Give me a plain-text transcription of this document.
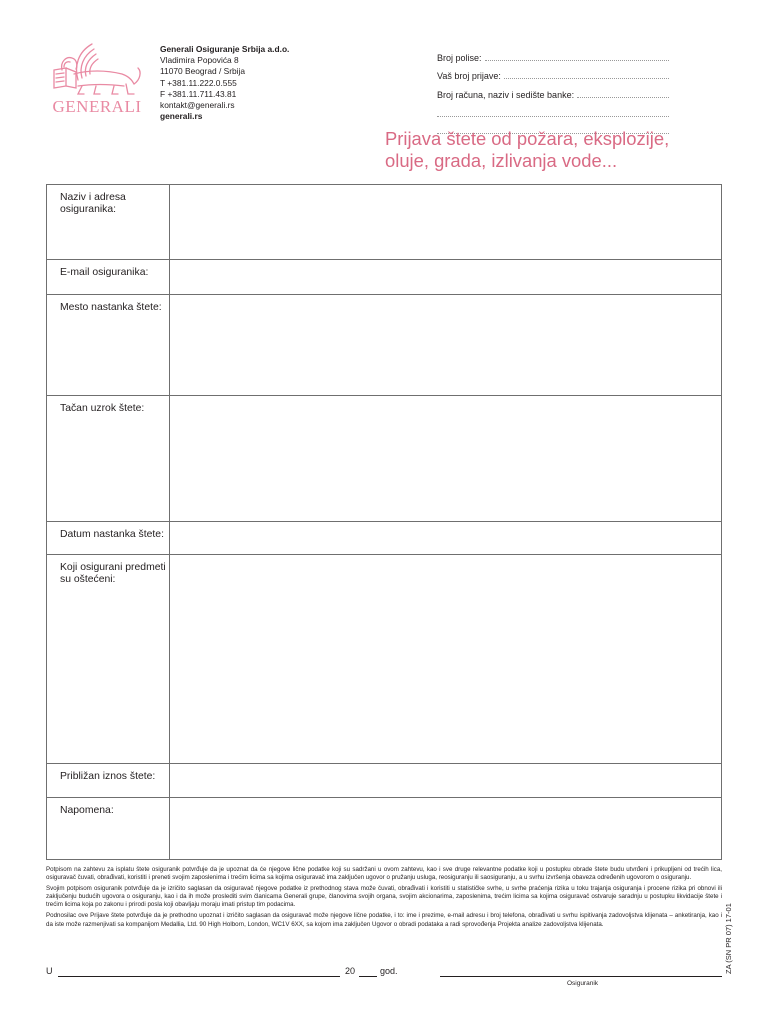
GENERALI
Generali Osiguranje Srbija a.d.o.
Vladimira Popovića 8
11070 Beograd / Srbija
T +381.11.222.0.555
F +381.11.711.43.81
kontakt@generali.rs
generali.rs
Broj polise:
Vaš broj prijave:
Broj računa, naziv i sedište banke:
Prijava štete od požara, eksplozije,
oluje, grada, izlivanja vode...
Naziv i adresa osiguranika:
E-mail osiguranika:
Mesto nastanka štete:
Tačan uzrok štete:
Datum nastanka štete:
Koji osigurani predmeti su oštećeni:
Približan iznos štete:
Napomena:

Potpisom na zahtevu za isplatu štete osiguranik potvrđuje da je upoznat da će njegove lične podatke koji su sadržani u ovom zahtevu, kao i sve druge relevantne podatke koji u postupku obrade štete budu utvrđeni i prikupljeni od trećih lica, osiguravač čuvati, obrađivati, koristiti i preneti svojim zaposlenima i trećim licima sa kojima osiguravač ima zaključen ugovor o pružanju usluga, reosiguranju ili saosiguranju, a u svrhu izvršenja obaveza određenih ugovorom o osiguranju.

Svojim potpisom osiguranik potvrđuje da je izričito saglasan da osiguravač njegove podatke iz prethodnog stava može čuvati, obrađivati i koristiti u statističke svrhe, u svrhe praćenja rizika u toku trajanja osiguranja i procene rizika pri obnovi ili zaključenju budućih ugovora o osiguranju, kao i da ih može proslediti svim članicama Generali grupe, članovima svojih organa, svojim akcionarima, zaposlenima, trećim licima sa kojima osiguravač ostvaruje saradnju u postupku likvidacije štete i trećim licima koja po zakonu i prirodi posla koji obavljaju moraju imati pristup tim podacima.

Podnosilac ove Prijave štete potvrđuje da je prethodno upoznat i izričito saglasan da osiguravač može njegove lične podatke, i to: ime i prezime, e-mail adresu i broj telefona, obrađivati u svrhu ispitivanja zadovoljstva klijenata – anketiranja, kao i da iste može razmenjivati sa kompanijom Medallia, Ltd. 90 High Holborn, London, WC1V 6XX, sa kojom ima zaključen Ugovor o obradi podataka a radi sprovođenja Projekta analize zadovoljstva klijenata.

U	20	god.
Osiguranik
ZA (SN PR 07) 17-01
